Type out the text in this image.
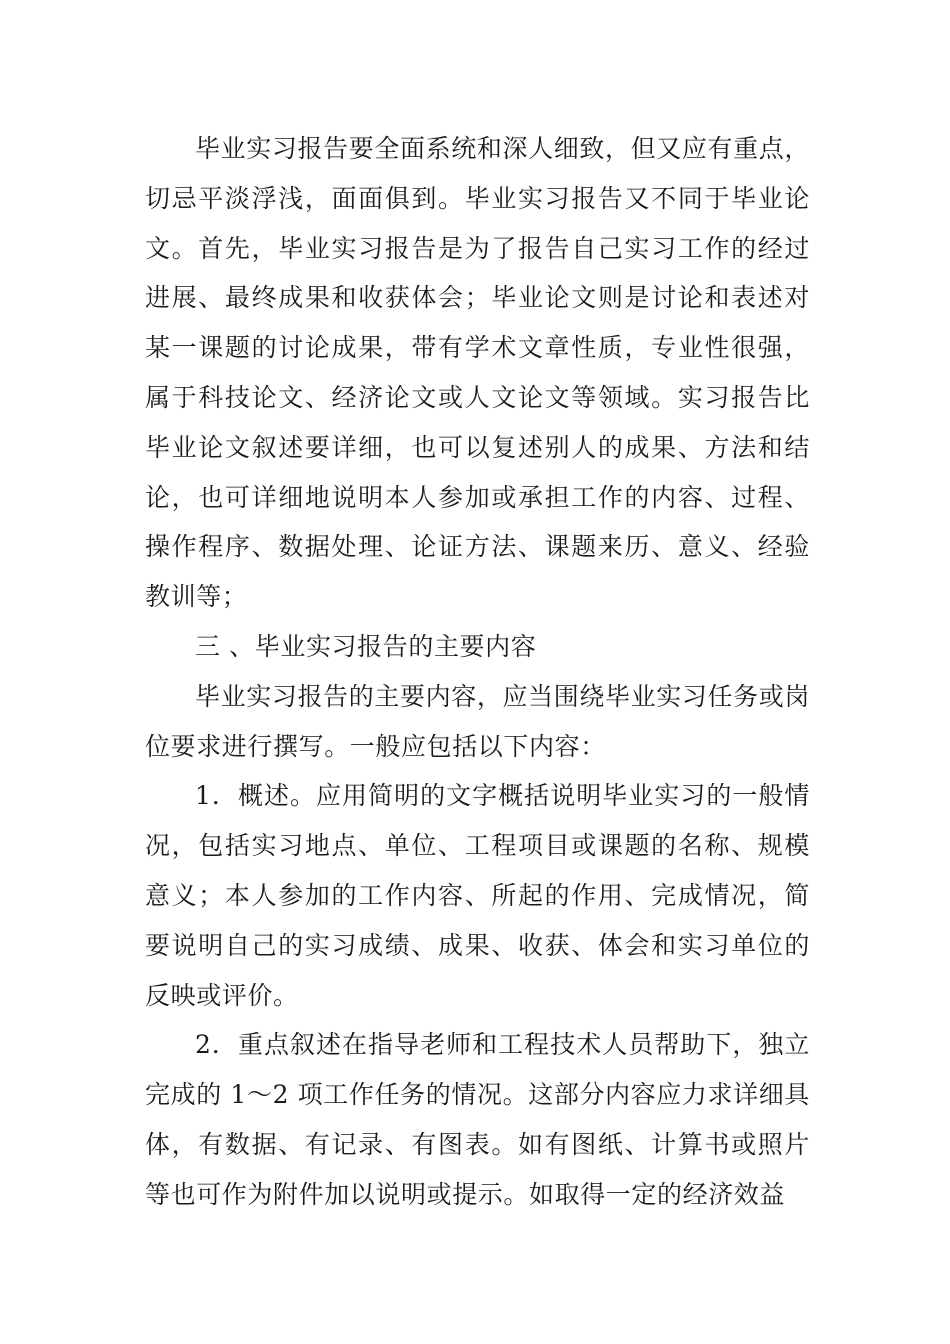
毕业实习报告要全面系统和深人细致，但又应有重点，切忌平淡浮浅，面面俱到。毕业实习报告又不同于毕业论文。首先，毕业实习报告是为了报告自己实习工作的经过进展、最终成果和收获体会；毕业论文则是讨论和表述对某一课题的讨论成果，带有学术文章性质，专业性很强，属于科技论文、经济论文或人文论文等领域。实习报告比毕业论文叙述要详细，也可以复述别人的成果、方法和结论，也可详细地说明本人参加或承担工作的内容、过程、操作程序、数据处理、论证方法、课题来历、意义、经验教训等；

三 、毕业实习报告的主要内容

毕业实习报告的主要内容，应当围绕毕业实习任务或岗位要求进行撰写。一般应包括以下内容：

1．概述。应用简明的文字概括说明毕业实习的一般情况，包括实习地点、单位、工程项目或课题的名称、规模意义；本人参加的工作内容、所起的作用、完成情况，简要说明自己的实习成绩、成果、收获、体会和实习单位的反映或评价。

2．重点叙述在指导老师和工程技术人员帮助下，独立完成的 1～2 项工作任务的情况。这部分内容应力求详细具体，有数据、有记录、有图表。如有图纸、计算书或照片等也可作为附件加以说明或提示。如取得一定的经济效益
